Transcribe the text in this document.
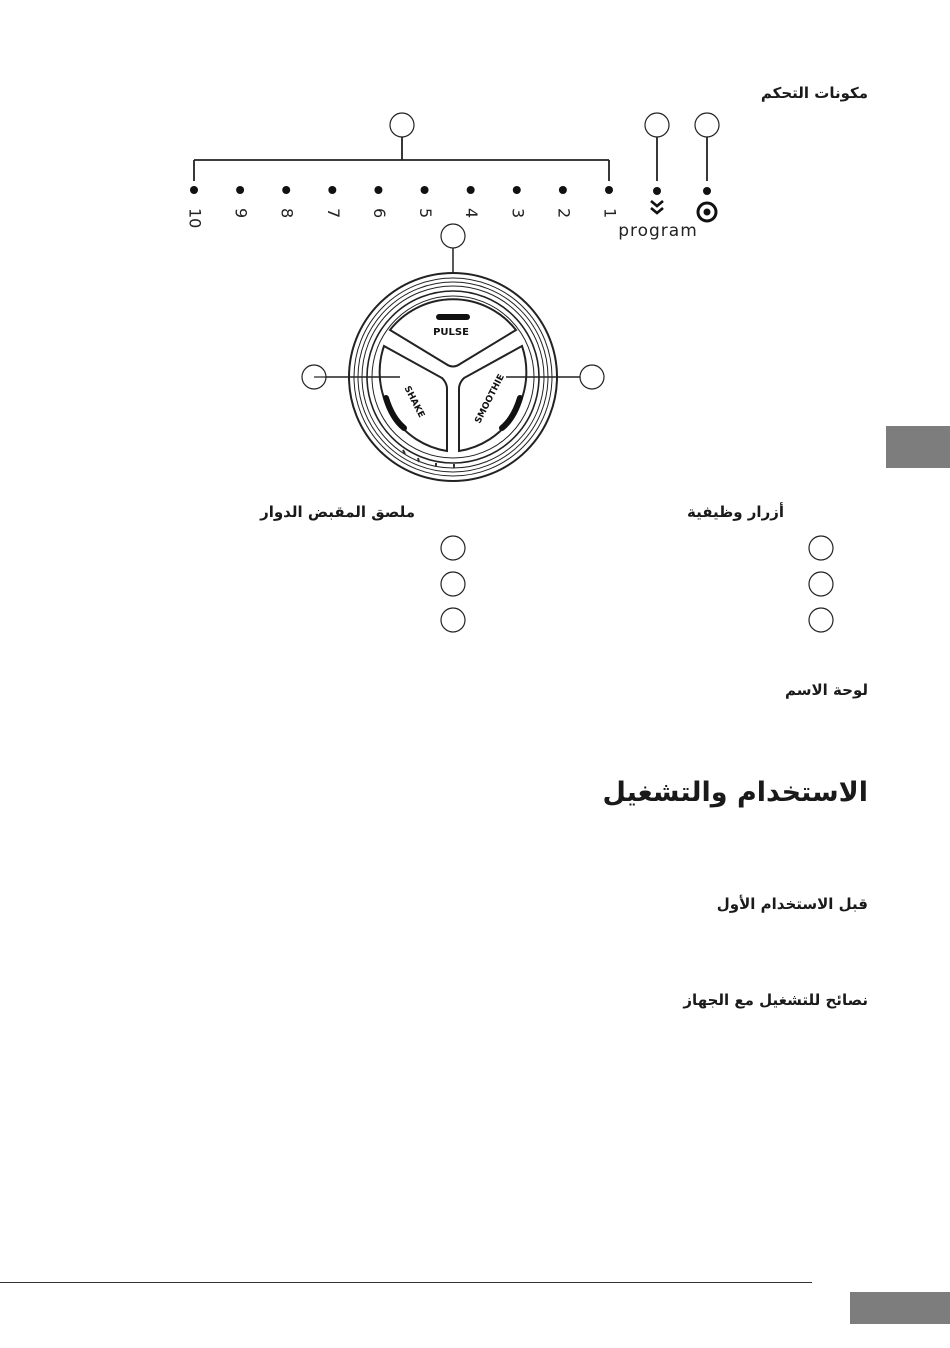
مكونات التحكم
أزرار وظيفية
ملصق المقبض الدوار
لوحة الاسم
الاستخدام والتشغيل
قبل الاستخدام الأول
نصائح للتشغيل مع الجهاز
1
2
3
4
5
6
7
8
9
10
program
PULSE
SHAKE	SMOOTHIE
